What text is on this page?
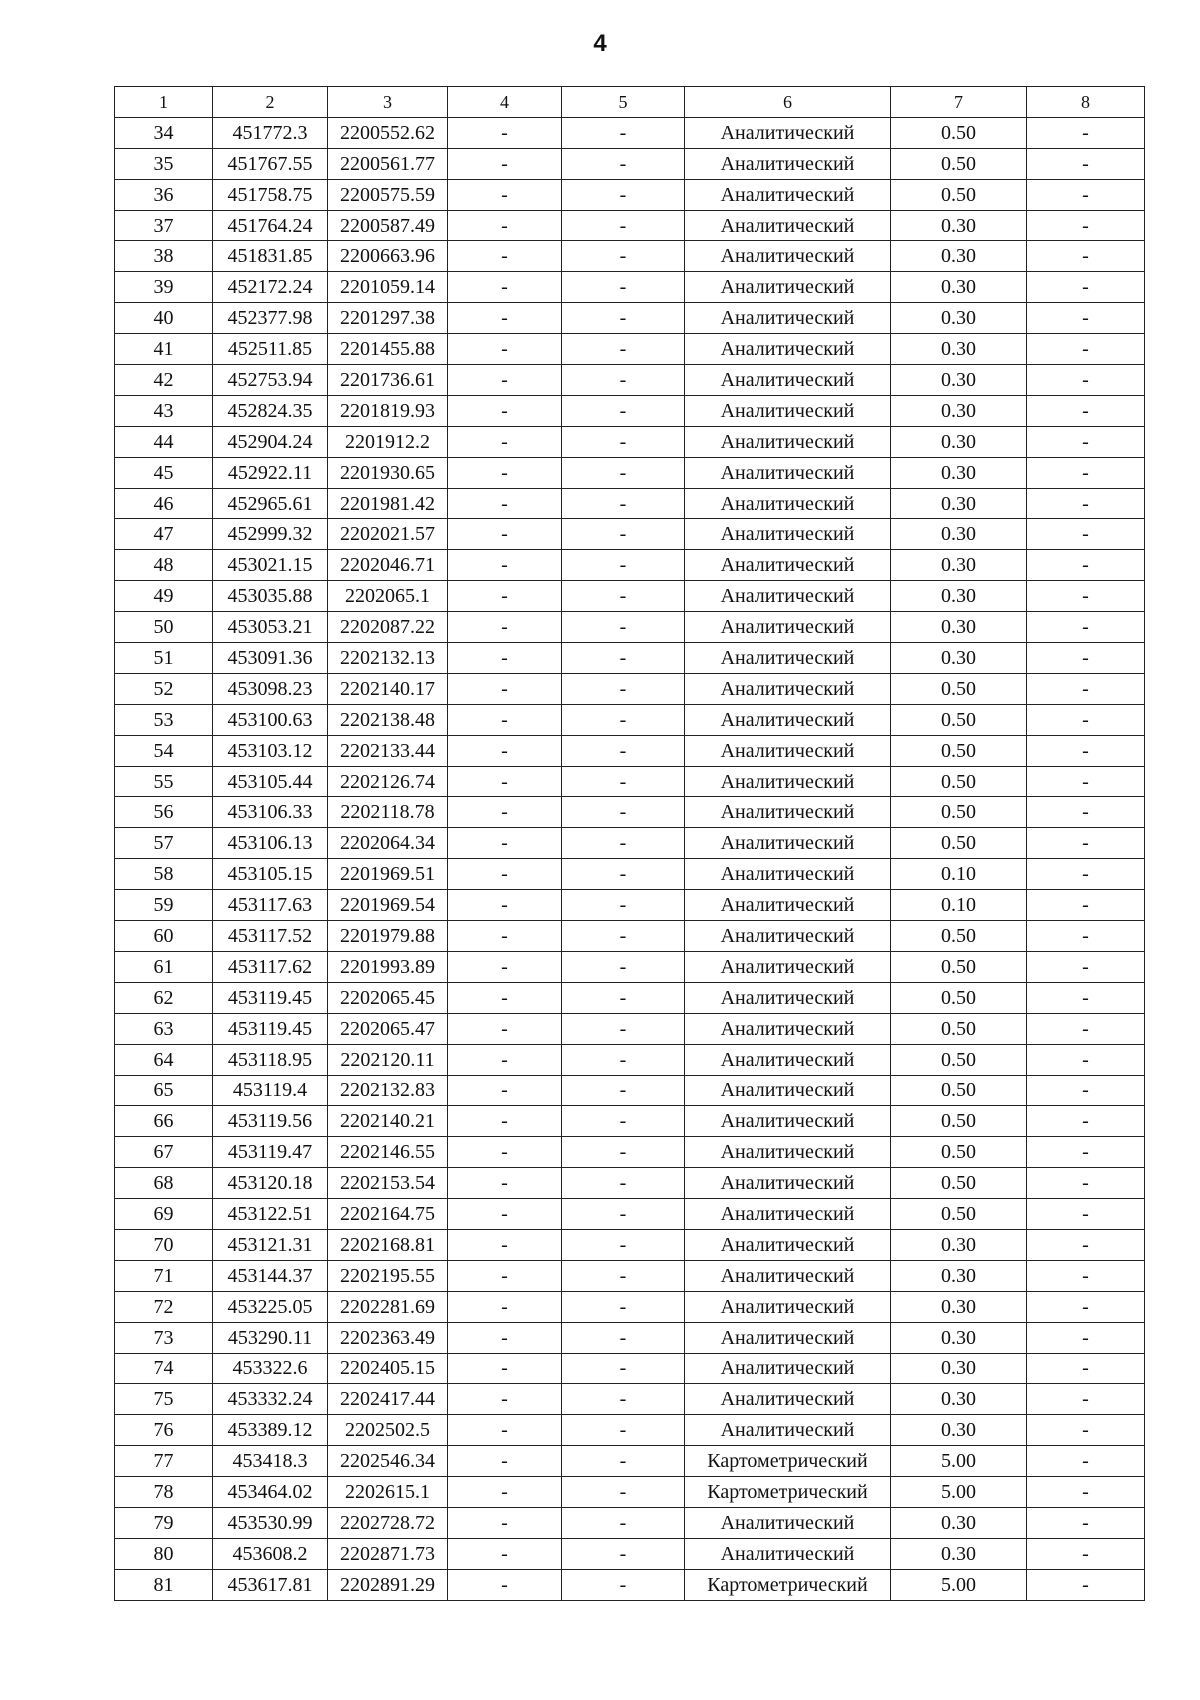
4
1	2	3	4	5	6	7	8
34	451772.3	2200552.62	-	-	Аналитический	0.50	-
35	451767.55	2200561.77	-	-	Аналитический	0.50	-
36	451758.75	2200575.59	-	-	Аналитический	0.50	-
37	451764.24	2200587.49	-	-	Аналитический	0.30	-
38	451831.85	2200663.96	-	-	Аналитический	0.30	-
39	452172.24	2201059.14	-	-	Аналитический	0.30	-
40	452377.98	2201297.38	-	-	Аналитический	0.30	-
41	452511.85	2201455.88	-	-	Аналитический	0.30	-
42	452753.94	2201736.61	-	-	Аналитический	0.30	-
43	452824.35	2201819.93	-	-	Аналитический	0.30	-
44	452904.24	2201912.2	-	-	Аналитический	0.30	-
45	452922.11	2201930.65	-	-	Аналитический	0.30	-
46	452965.61	2201981.42	-	-	Аналитический	0.30	-
47	452999.32	2202021.57	-	-	Аналитический	0.30	-
48	453021.15	2202046.71	-	-	Аналитический	0.30	-
49	453035.88	2202065.1	-	-	Аналитический	0.30	-
50	453053.21	2202087.22	-	-	Аналитический	0.30	-
51	453091.36	2202132.13	-	-	Аналитический	0.30	-
52	453098.23	2202140.17	-	-	Аналитический	0.50	-
53	453100.63	2202138.48	-	-	Аналитический	0.50	-
54	453103.12	2202133.44	-	-	Аналитический	0.50	-
55	453105.44	2202126.74	-	-	Аналитический	0.50	-
56	453106.33	2202118.78	-	-	Аналитический	0.50	-
57	453106.13	2202064.34	-	-	Аналитический	0.50	-
58	453105.15	2201969.51	-	-	Аналитический	0.10	-
59	453117.63	2201969.54	-	-	Аналитический	0.10	-
60	453117.52	2201979.88	-	-	Аналитический	0.50	-
61	453117.62	2201993.89	-	-	Аналитический	0.50	-
62	453119.45	2202065.45	-	-	Аналитический	0.50	-
63	453119.45	2202065.47	-	-	Аналитический	0.50	-
64	453118.95	2202120.11	-	-	Аналитический	0.50	-
65	453119.4	2202132.83	-	-	Аналитический	0.50	-
66	453119.56	2202140.21	-	-	Аналитический	0.50	-
67	453119.47	2202146.55	-	-	Аналитический	0.50	-
68	453120.18	2202153.54	-	-	Аналитический	0.50	-
69	453122.51	2202164.75	-	-	Аналитический	0.50	-
70	453121.31	2202168.81	-	-	Аналитический	0.30	-
71	453144.37	2202195.55	-	-	Аналитический	0.30	-
72	453225.05	2202281.69	-	-	Аналитический	0.30	-
73	453290.11	2202363.49	-	-	Аналитический	0.30	-
74	453322.6	2202405.15	-	-	Аналитический	0.30	-
75	453332.24	2202417.44	-	-	Аналитический	0.30	-
76	453389.12	2202502.5	-	-	Аналитический	0.30	-
77	453418.3	2202546.34	-	-	Картометрический	5.00	-
78	453464.02	2202615.1	-	-	Картометрический	5.00	-
79	453530.99	2202728.72	-	-	Аналитический	0.30	-
80	453608.2	2202871.73	-	-	Аналитический	0.30	-
81	453617.81	2202891.29	-	-	Картометрический	5.00	-
